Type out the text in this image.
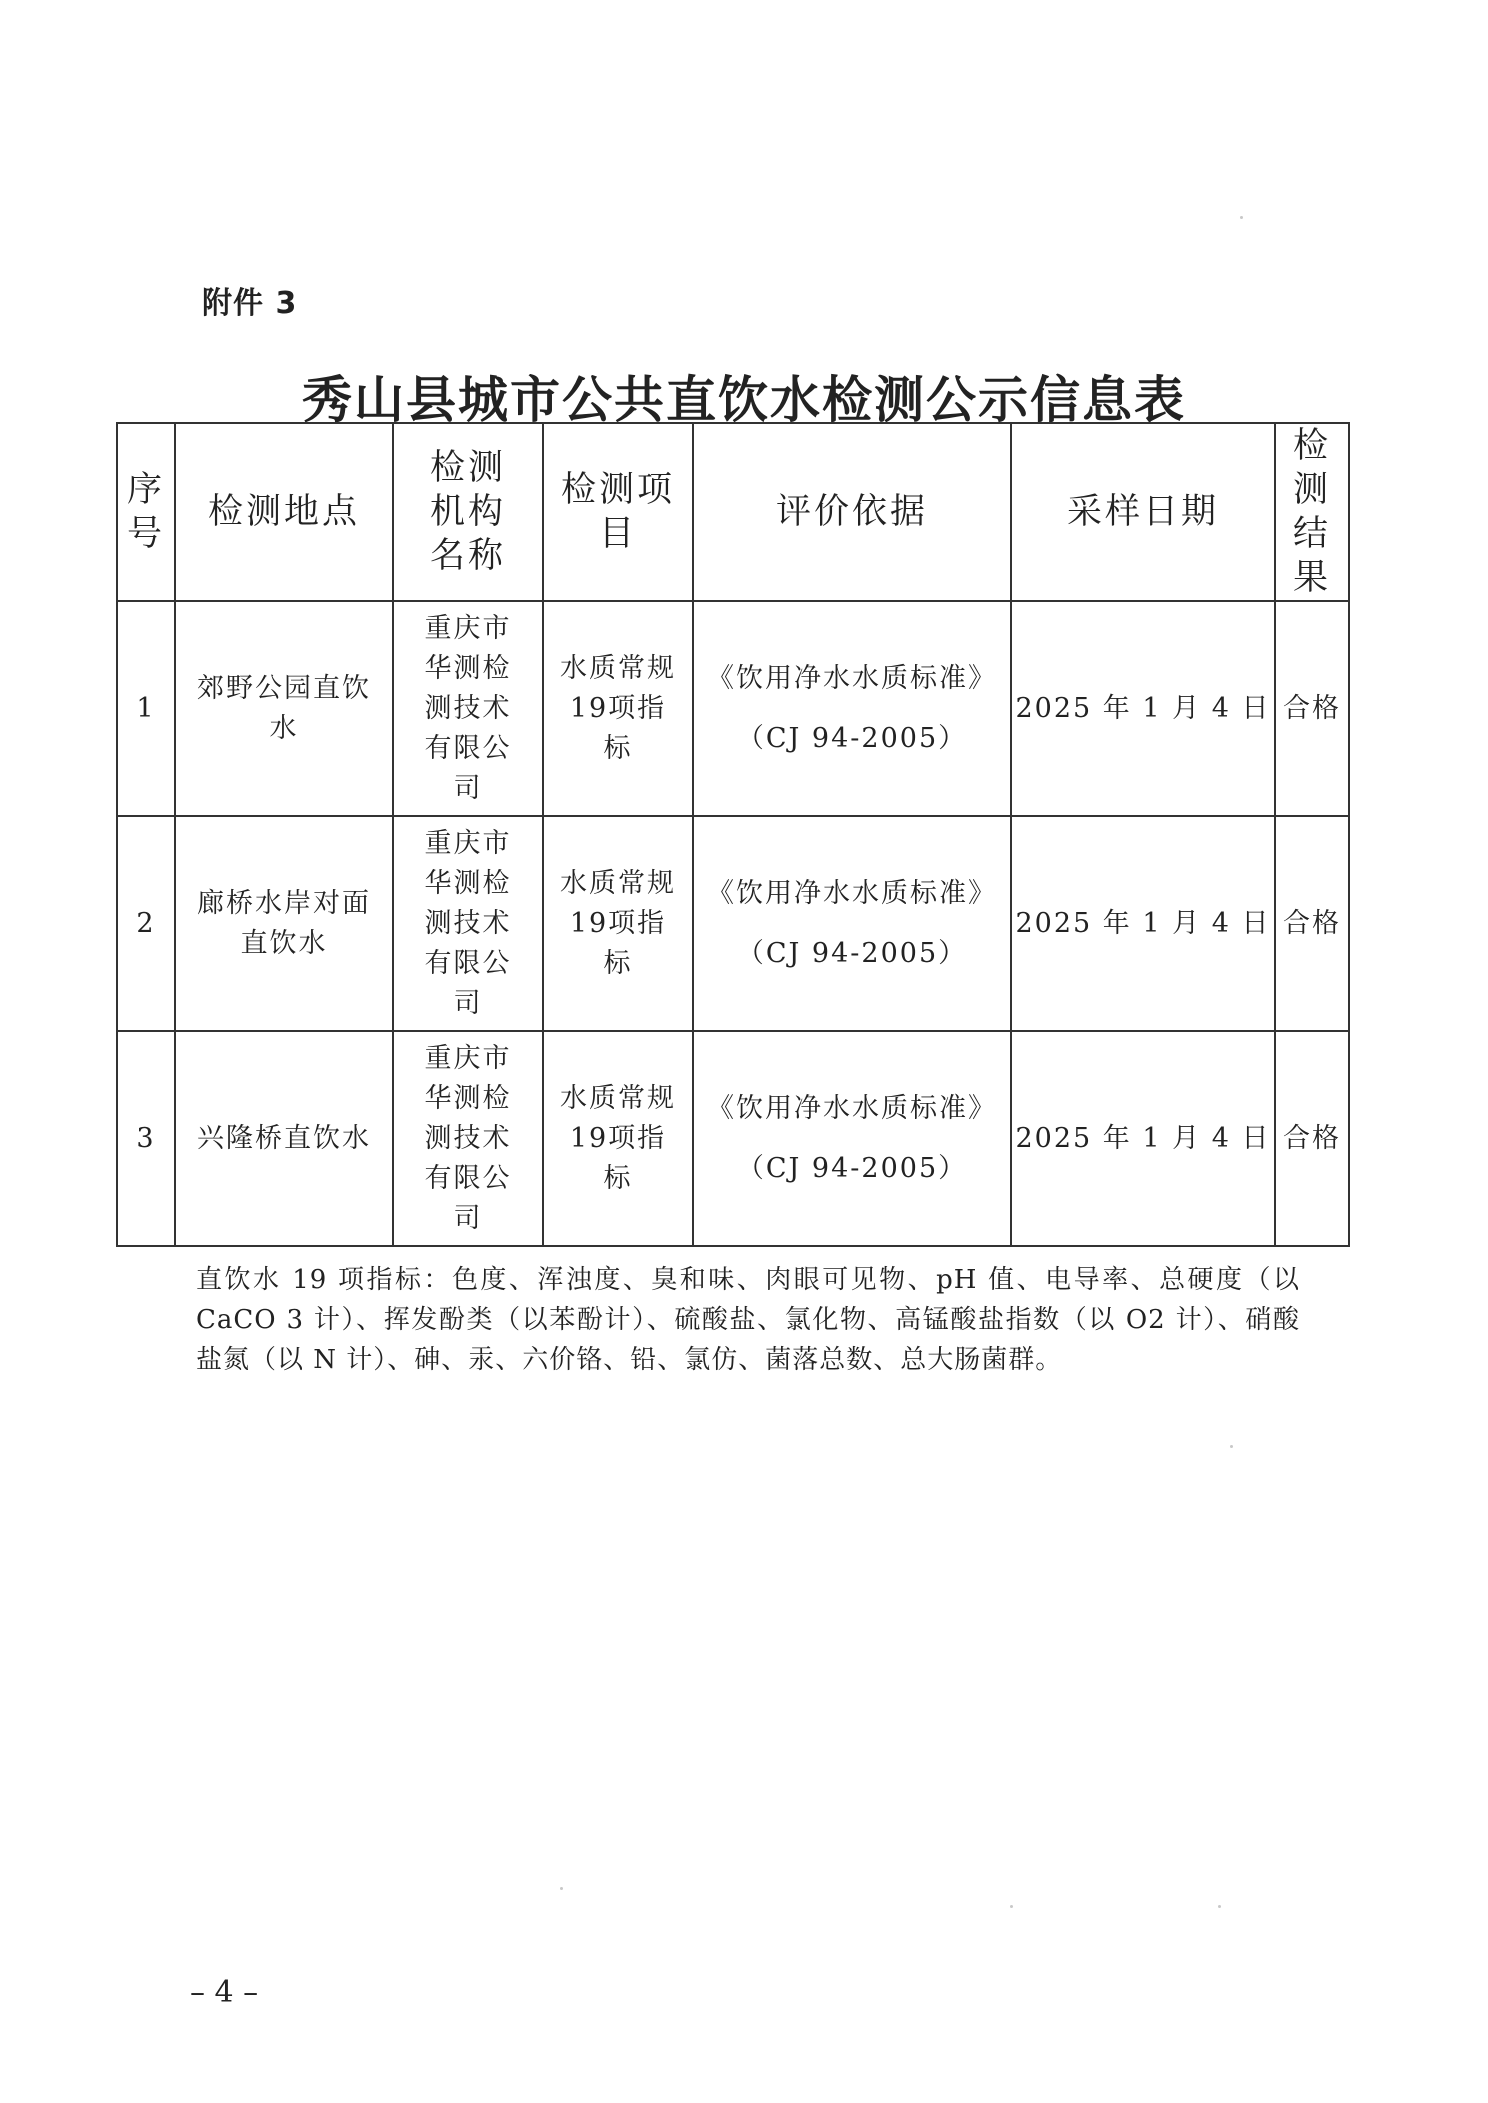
附件 3
秀山县城市公共直饮水检测公示信息表
序号	检测地点	检测机构名称	检测项目	评价依据	采样日期	检测结果
1	郊野公园直饮水	重庆市华测检测技术有限公司	水质常规19项指标	《饮用净水水质标准》
（CJ 94-2005）	2025 年 1 月 4 日	合格
2	廊桥水岸对面直饮水	重庆市华测检测技术有限公司	水质常规19项指标	《饮用净水水质标准》
（CJ 94-2005）	2025 年 1 月 4 日	合格
3	兴隆桥直饮水	重庆市华测检测技术有限公司	水质常规19项指标	《饮用净水水质标准》
（CJ 94-2005）	2025 年 1 月 4 日	合格
直饮水 19 项指标：色度、浑浊度、臭和味、肉眼可见物、pH 值、电导率、总硬度（以 CaCO 3 计）、挥发酚类（以苯酚计）、硫酸盐、氯化物、高锰酸盐指数（以 O2 计）、硝酸盐氮（以 N 计）、砷、汞、六价铬、铅、氯仿、菌落总数、总大肠菌群。
– 4 –
